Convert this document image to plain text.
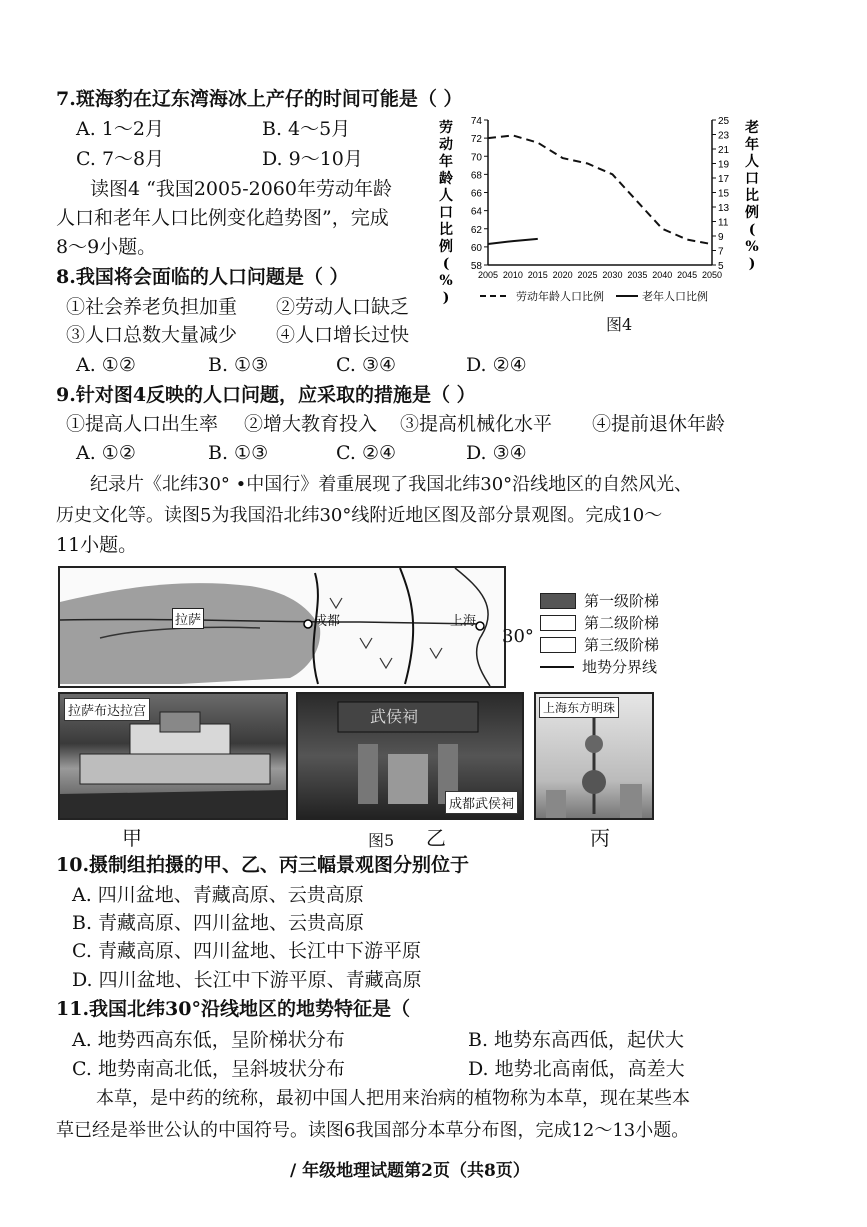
7.斑海豹在辽东湾海冰上产仔的时间可能是（ ）
A. 1～2月	B. 4～5月
C. 7～8月	D. 9～10月
读图4 “我国2005-2060年劳动年龄
人口和老年人口比例变化趋势图”，完成
8～9小题。
58
60
62
64
66
68
70
72
74
5
7
9
11
13
15
17
19
21
23
25
2005 2010 2015 2020 2025 2030 2035 2040 2045 2050
劳
动
年
龄
人
口
比
例
(
%
)
老
年
人
口
比
例
(
%
)
劳动年龄人口比例	老年人口比例
图4
8.我国将会面临的人口问题是（ ）
①社会养老负担加重 ②劳动人口缺乏
③人口总数大量减少 ④人口增长过快
A. ①②	B. ①③	C. ③④	D. ②④
9.针对图4反映的人口问题，应采取的措施是（ ）
①提高人口出生率 ②增大教育投入 ③提高机械化水平 ④提前退休年龄
A. ①②	B. ①③	C. ②④	D. ③④
纪录片《北纬30° •中国行》着重展现了我国北纬30°沿线地区的自然风光、
历史文化等。读图5为我国沿北纬30°线附近地区图及部分景观图。完成10～
11小题。
拉萨	成都	上海
30°
第一级阶梯
第二级阶梯
第三级阶梯
地势分界线
拉萨布达拉宫	武侯祠
成都武侯祠
上海东方明珠
甲	图5 乙	丙
10.摄制组拍摄的甲、乙、丙三幅景观图分别位于
A. 四川盆地、青藏高原、云贵高原
B. 青藏高原、四川盆地、云贵高原
C. 青藏高原、四川盆地、长江中下游平原
D. 四川盆地、长江中下游平原、青藏高原
11.我国北纬30°沿线地区的地势特征是（
A. 地势西高东低，呈阶梯状分布	B. 地势东高西低，起伏大
C. 地势南高北低，呈斜坡状分布	D. 地势北高南低，高差大
本草，是中药的统称，最初中国人把用来治病的植物称为本草，现在某些本
草已经是举世公认的中国符号。读图6我国部分本草分布图，完成12～13小题。
/ 年级地理试题第2页（共8页）
